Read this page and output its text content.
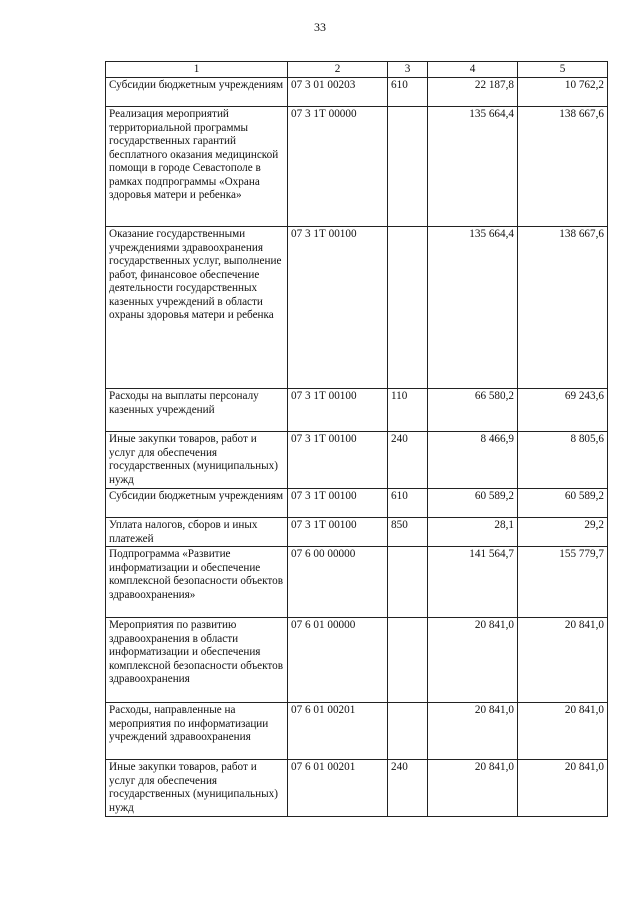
33
1	2	3	4	5
Субсидии бюджетным учреждениям	07 3 01 00203	610	22 187,8	10 762,2
Реализация мероприятий территориальной программы государственных гарантий бесплатного оказания медицинской помощи в городе Севастополе в рамках подпрограммы «Охрана здоровья матери и ребенка»	07 3 1Т 00000		135 664,4	138 667,6
Оказание государственными учреждениями здравоохранения государственных услуг, выполнение работ, финансовое обеспечение деятельности государственных казенных учреждений в области охраны здоровья матери и ребенка	07 3 1Т 00100		135 664,4	138 667,6
Расходы на выплаты персоналу казенных учреждений	07 3 1Т 00100	110	66 580,2	69 243,6
Иные закупки товаров, работ и услуг для обеспечения государственных (муниципальных) нужд	07 3 1Т 00100	240	8 466,9	8 805,6
Субсидии бюджетным учреждениям	07 3 1Т 00100	610	60 589,2	60 589,2
Уплата налогов, сборов и иных платежей	07 3 1Т 00100	850	28,1	29,2
Подпрограмма «Развитие информатизации и обеспечение комплексной безопасности объектов здравоохранения»	07 6 00 00000		141 564,7	155 779,7
Мероприятия по развитию здравоохранения в области информатизации и обеспечения комплексной безопасности объектов здравоохранения	07 6 01 00000		20 841,0	20 841,0
Расходы, направленные на мероприятия по информатизации учреждений здравоохранения	07 6 01 00201		20 841,0	20 841,0
Иные закупки товаров, работ и услуг для обеспечения государственных (муниципальных) нужд	07 6 01 00201	240	20 841,0	20 841,0
